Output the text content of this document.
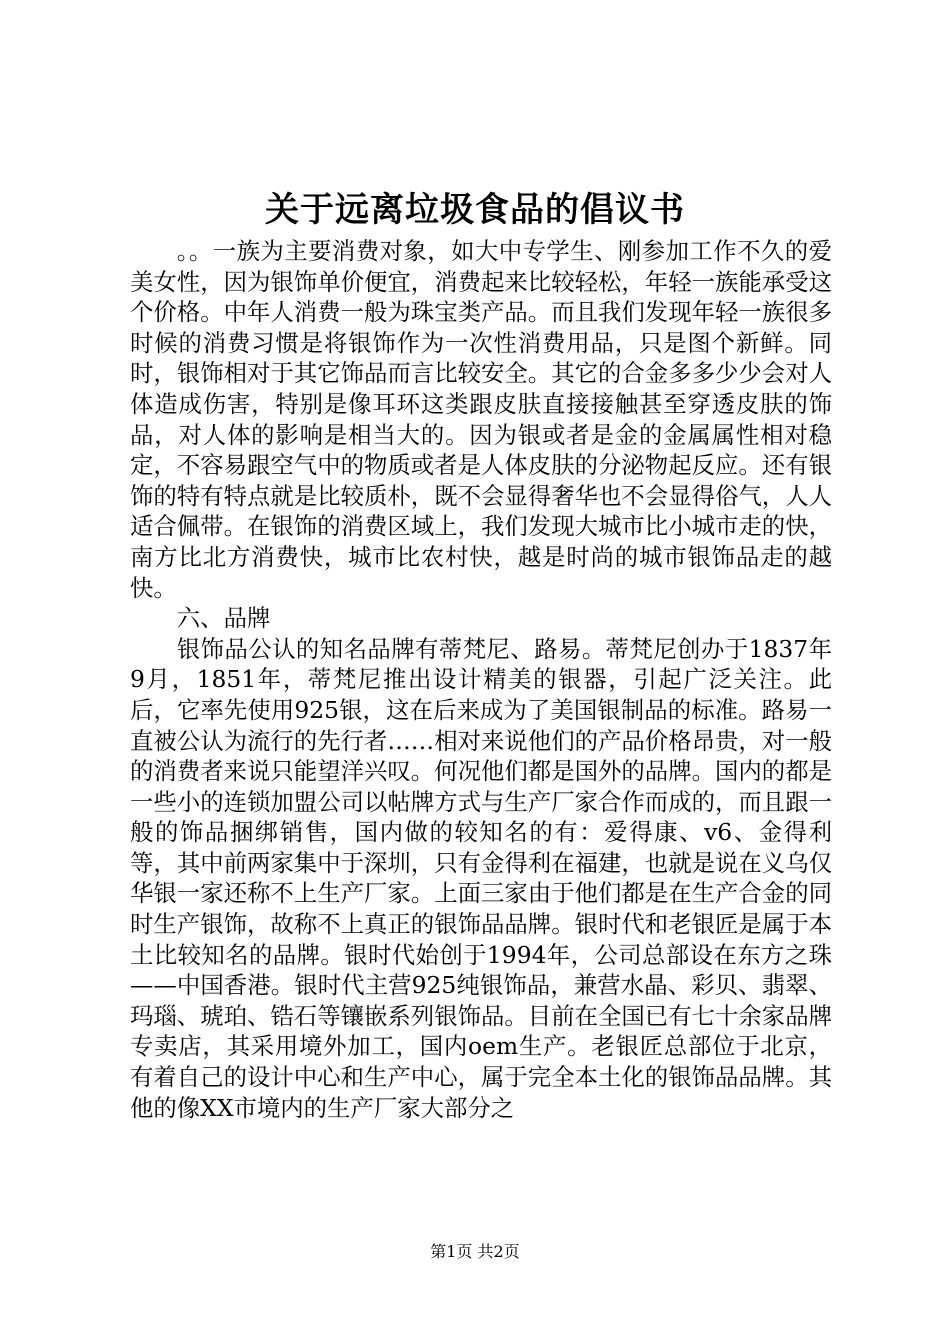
关于远离垃圾食品的倡议书

。。一族为主要消费对象，如大中专学生、刚参加工作不久的爱美女性，因为银饰单价便宜，消费起来比较轻松，年轻一族能承受这个价格。中年人消费一般为珠宝类产品。而且我们发现年轻一族很多时候的消费习惯是将银饰作为一次性消费用品，只是图个新鲜。同时，银饰相对于其它饰品而言比较安全。其它的合金多多少少会对人体造成伤害，特别是像耳环这类跟皮肤直接接触甚至穿透皮肤的饰品，对人体的影响是相当大的。因为银或者是金的金属属性相对稳定，不容易跟空气中的物质或者是人体皮肤的分泌物起反应。还有银饰的特有特点就是比较质朴，既不会显得奢华也不会显得俗气，人人适合佩带。在银饰的消费区域上，我们发现大城市比小城市走的快，南方比北方消费快，城市比农村快，越是时尚的城市银饰品走的越快。

六、品牌

银饰品公认的知名品牌有蒂梵尼、路易。蒂梵尼创办于1837年9月，1851年，蒂梵尼推出设计精美的银器，引起广泛关注。此后，它率先使用925银，这在后来成为了美国银制品的标准。路易一直被公认为流行的先行者……相对来说他们的产品价格昂贵，对一般的消费者来说只能望洋兴叹。何况他们都是国外的品牌。国内的都是一些小的连锁加盟公司以帖牌方式与生产厂家合作而成的，而且跟一般的饰品捆绑销售，国内做的较知名的有：爱得康、v6、金得利等，其中前两家集中于深圳，只有金得利在福建，也就是说在义乌仅华银一家还称不上生产厂家。上面三家由于他们都是在生产合金的同时生产银饰，故称不上真正的银饰品品牌。银时代和老银匠是属于本土比较知名的品牌。银时代始创于1994年，公司总部设在东方之珠——中国香港。银时代主营925纯银饰品，兼营水晶、彩贝、翡翠、玛瑙、琥珀、锆石等镶嵌系列银饰品。目前在全国已有七十余家品牌专卖店，其采用境外加工，国内oem生产。老银匠总部位于北京，有着自己的设计中心和生产中心，属于完全本土化的银饰品品牌。其他的像XX市境内的生产厂家大部分之

第1页 共2页
